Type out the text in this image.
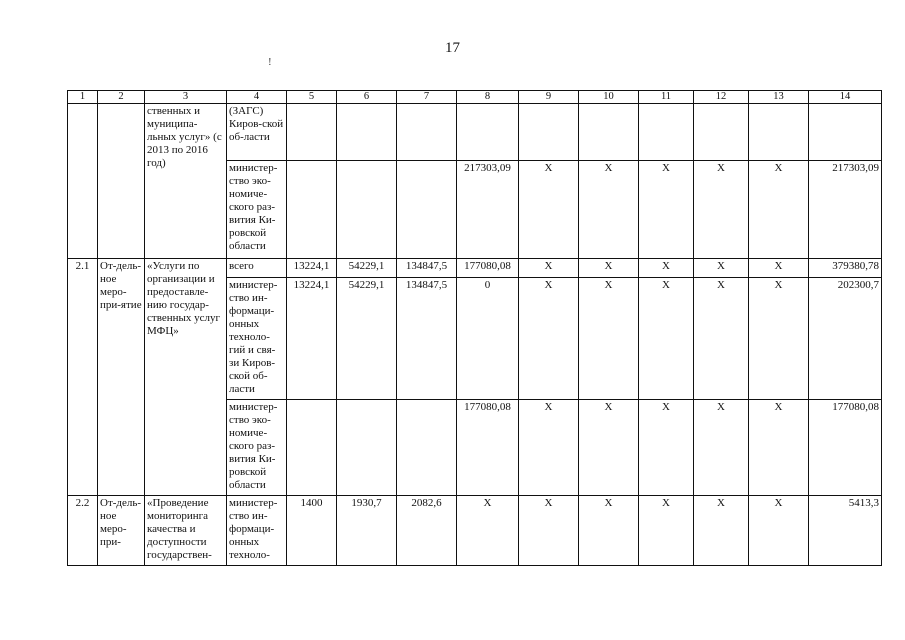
17
!
1	2	3	4	5	6	7	8	9	10	11	12	13	14
		ственных и муниципа-льных услуг» (с 2013 по 2016 год)	(ЗАГС) Киров-ской об-ласти										
			министер-ство эко-номиче-ского раз-вития Ки-ровской области				217303,09	X	X	X	X	X	217303,09
2.1	От-дель-ное меро-при-ятие	«Услуги по организации и предоставле-нию государ-ственных услуг МФЦ»	всего	13224,1	54229,1	134847,5	177080,08	X	X	X	X	X	379380,78
			министер-ство ин-формаци-онных техноло-гий и свя-зи Киров-ской об-ласти	13224,1	54229,1	134847,5	0	X	X	X	X	X	202300,7
			министер-ство эко-номиче-ского раз-вития Ки-ровской области				177080,08	X	X	X	X	X	177080,08
2.2	От-дель-ное меро-при-	«Проведение мониторинга качества и доступности государствен-	министер-ство ин-формаци-онных техноло-	1400	1930,7	2082,6	X	X	X	X	X	X	5413,3
